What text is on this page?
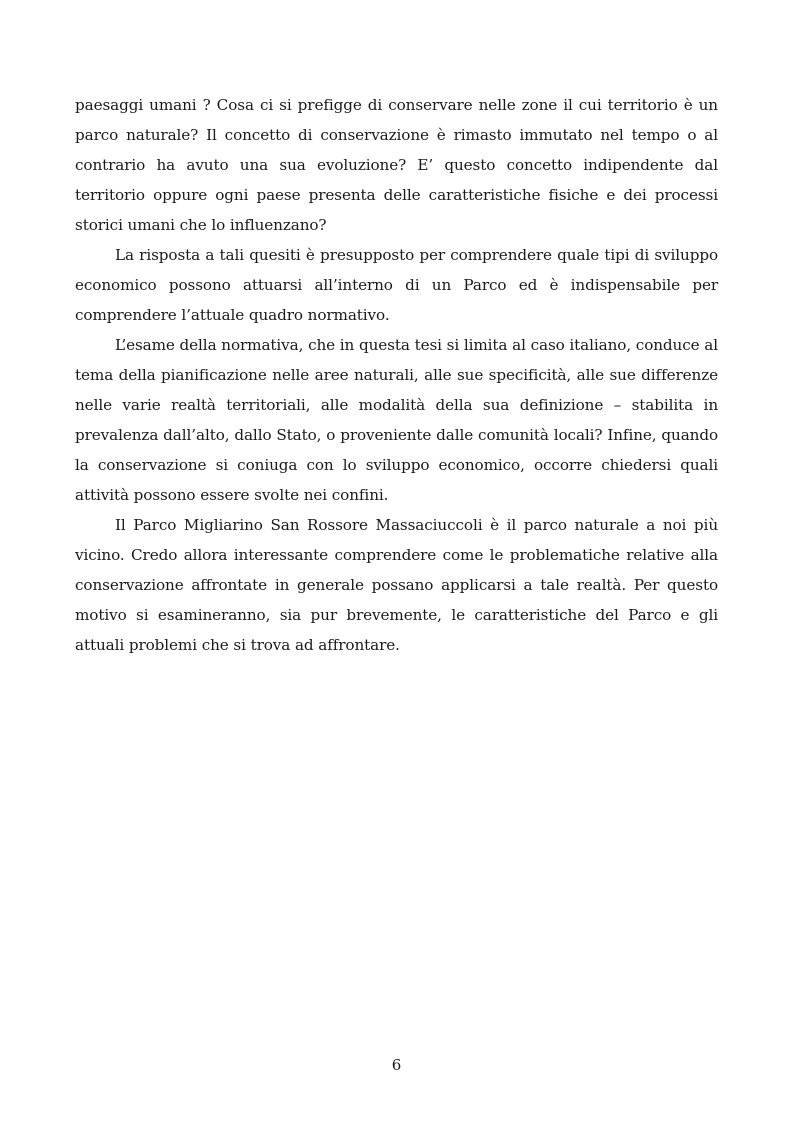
paesaggi umani ? Cosa ci si prefigge di conservare nelle zone il cui territorio è un parco naturale? Il concetto di conservazione è rimasto immutato nel tempo o al contrario ha avuto una sua evoluzione? E’ questo concetto indipendente dal territorio oppure ogni paese presenta delle caratteristiche fisiche e dei processi storici umani che lo influenzano?

La risposta a tali quesiti è presupposto per comprendere quale tipi di sviluppo economico possono attuarsi all’interno di un Parco ed è indispensabile per comprendere l’attuale quadro normativo.

L’esame della normativa, che in questa tesi si limita al caso italiano, conduce al tema della pianificazione nelle aree naturali, alle sue specificità, alle sue differenze nelle varie realtà territoriali, alle modalità della sua definizione – stabilita in prevalenza dall’alto, dallo Stato, o proveniente dalle comunità locali? Infine, quando la conservazione si coniuga con lo sviluppo economico, occorre chiedersi quali attività possono essere svolte nei confini.

Il Parco Migliarino San Rossore Massaciuccoli è il parco naturale a noi più vicino. Credo allora interessante comprendere come le problematiche relative alla conservazione affrontate in generale possano applicarsi a tale realtà. Per questo motivo si esamineranno, sia pur brevemente, le caratteristiche del Parco e gli attuali problemi che si trova ad affrontare.

6
